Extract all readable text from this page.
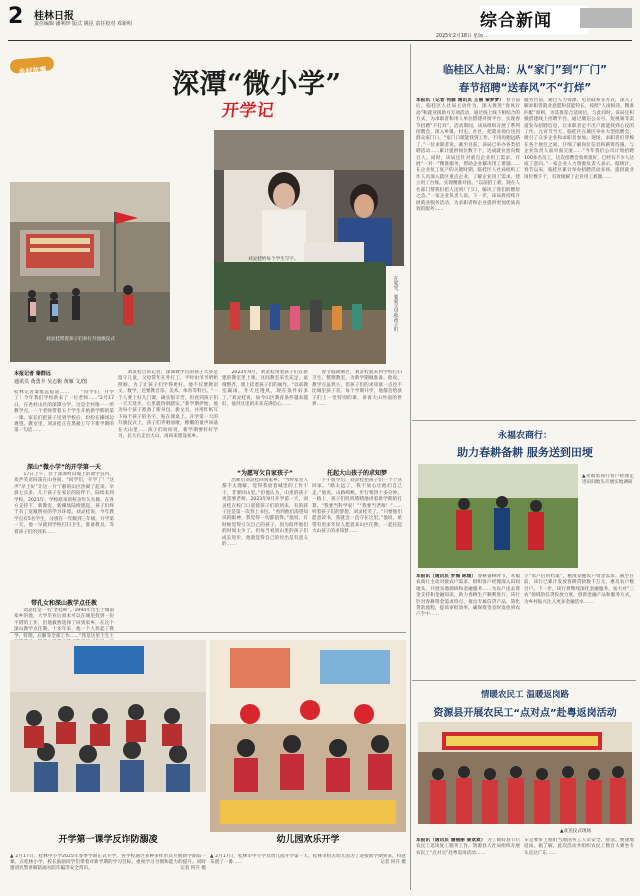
2 桂林日报
责任编辑 潘利珍 版式 姚昆 责任校对 邓新明
2025年2月18日 星期二
综合新闻
乡村故事	深潭“微小学”
开学记
刘灵桂带着孩子们举行升国旗仪式
刘灵桂给每个学生写字。
在家里，要爱父母和孩子们
本报记者 秦群远
通讯员 黄勇升 吴志彬 黄雁 文/图
桂林记者秦群远报道…… 　　“同学们，开学了！今年我们学校新来了一位老师……”2月17日，在尧村山区的深潭小学，这是全村唯一一所教学点，一个老师带着五个学生开始新学期的第一课。家长们把孩子送到学校后，纷纷在操场边观望。教室里，刘灵桂正在黑板上写下新学期的第一句话……
深山“微小学”的开学第一天
　　17日上午，位于深潭村山坡上的教学点内，欢声笑语回荡在山谷间。“同学们，开学了！”这声“早上好”让这一片宁静的山区热闹了起来。早晨七点多，几个孩子在家长的陪伴下，陆续来到学校。2021年，学校原来的校舍年久失修，在各方支持下，新教室、新操场陆续建起，孩子们终于有了宽敞明亮的学习环境。刘灵桂说，今年教学点有5名学生，分别在一年级到三年级。开学第一天，他一早就到学校打扫卫生，准备教具，等着孩子们的到来……
带孔女和深山教学点任教
　　刘灵桂是一名“老桂师”。1994年出生于漓南家乡的他，大学毕业后原本可以在城里找到一份不错的工作，但他毅然选择了回到家乡，在这个深山教学点任教。十多年来，他一个人担起了教学、管理、后勤等全部工作……“我是这里土生土
　　刘灵桂告诉记者，深潭教学点的孩子大多是留守儿童，父母常年在外打工，平时由爷爷奶奶照顾。为了让孩子们学得更好，他不仅要教语文、数学，还要教音乐、美术、体育等科目。“一个人要上好几门课，确实很辛苦，但看到孩子们一天天进步，心里就特别踏实。”新学期伊始，他为每个孩子准备了新书包、新文具，并用红纸写下每个孩子的名字，贴在课桌上。开学第一天的升旗仪式上，孩子们齐唱国歌，稚嫩的童声回荡在大山里……孩子们纷纷说，新学期要好好学习，长大后走出大山，再回来建设家乡。
　　2023年9月，刘灵桂带着孩子们在新建的教室里上课。这间教室采光充足，桌椅整齐，墙上挂着孩子们的画作。“以前教室漏雨，冬天还透风，现在条件好多了。”刘灵桂说，如今山区教育条件越来越好，他对这里的未来充满信心……
“为愿写欠自家孩子”
　　出师后刘灵桂回到家乡。“当时家里人都不太理解，觉得我放着城里的工作不干，非要回山里。”但他认为，山里的孩子更需要老师。2023年9月开学第一天，刘灵桂在校门口迎接孩子们的到来，有的孩子还是第一次背上书包。“看到他们渴望知识的眼神，我觉得一切都值得。”他说，有时候觉得亏欠自己的孩子，因为陪伴他们的时间太少了。但每当看到山里的孩子们成长进步，他就觉得自己的付出是有意义的……
　　春节假期刚过，刘灵桂就来到学校打扫卫生、整理教室，为新学期做准备。他说，教学点虽然小，但孩子们的求知欲一点也不比城里孩子差。每个学期开学，他都会给孩子们上一堂特别的课，讲讲大山外面的世界……
托起大山孩子的求知梦
　　下午放学后，刘灵桂把孩子们一个个送回家。“路太远了，我不放心让他们自己走。”他说。山路崎岖，步行要四十多分钟。一路上，孩子们叽叽喳喳地讲着新学期的打算。“我要当科学家！”“我要当老师！”……听着孩子们的梦想，刘灵桂笑了。“只要他们愿意读书，我就会一直守在这里。”他说，希望有更多年轻人愿意来山区任教，一起托起大山孩子的求知梦……
开学第一课学反诈防溺凌
▲ 2月17日，桂林中小学2025年春季学期正式开学。各学校通过多种多样形式开展新学期第一课。在桂林小学，校长鼓励同学们带着对新学期的学习目标，重视学习习惯和能力的提升。同时邀请民警讲解防溺水防诈骗等安全常识。	记者 何升 摄
幼儿园欢乐开学
▲ 2月17日，桂林市中小学及幼儿园开学第一天。桂林市机关幼儿园为了迎接新学期到来，特意布置了一番……	记者 何升 摄
临桂区人社局：从“家门”到“厂门”
春节招聘“送春风”不“打烊”
本报讯（记者 何源 通讯员 王丽 秦梦梦） 春节前后，临桂区人社局主动作为，深入推进“春风行动”和就业援助月专项活动，通过线上线下相结合的方式，为求职者和用人单位搭建对接平台，实现春节招聘“不打烊”。活动期间，该局组织开展了系列招聘会，深入乡镇、村屯、社区，把就业岗位送到群众家门口。“家门口就能找到工作，不用再跑远路了。”一位求职者说。截至目前，该局已举办各类招聘活动……累计提供岗位数千个，达成就业意向数百人。同时，该局还针对重点企业用工需求，开展“一对一”精准服务，帮助企业解决用工难题……在企业复工复产的关键时期，临桂区人社局组织工作人员深入辖区重点企业，了解企业用工需求，建立用工台账，实现精准对接。“以前招工难，现在人社部门帮我们把人送到厂门口，解决了我们的燃眉之急。”一家企业负责人说。下一步，该局将持续开展就业服务活动，为求职者和企业提供更加优质高效的服务……
服务台前，通过人力资源、电话联系等方式，深入了解求职者就业意愿和技能特长，按照“人岗相适、精准匹配”原则，为其推荐合适岗位。与此同时，该局还积极搭建线上招聘平台，通过微信公众号、短视频等渠道发布招聘信息，让求职者足不出户就能找到心仪的工作。元宵节当天，临桂区在城区举办大型招聘会，吸引了众多企业和求职者参加。现场，求职者们穿梭在各个展位之间，仔细了解岗位信息和薪资待遇，与企业负责人面对面交流……“今年我们公司计划招聘100多名员工，这次招聘会效果很好，已经有不少人达成了意向。”一家企业人力资源负责人表示。据统计，春节以来，临桂区累计举办招聘活动多场，提供就业岗位数千个，有效缓解了企业用工难题……
永福农商行：
助力春耕备耕 服务送到田埂
▲永福农商行客户经理走进田间地头开展实地调研
本报讯（通讯员 罗海 陈城） 春耕备耕时节，永福农商行主动对接农户需求，组织客户经理深入田间地头，开展实地调研和金融服务……为农户送去资金支持和金融知识，助力春耕生产顺利进行。该行针对春耕资金需求特点，推出专属信贷产品，简化贷款流程，提高审批效率，确保资金及时发放到农户手中……
立“农户信用档案”，精准掌握农户资金需求。截至目前，该行已累计发放春耕贷款数千万元，惠及农户数百户。下一步，该行将继续深化金融服务，加大对“三农”领域的信贷投放力度，创新金融产品和服务方式，为乡村振兴注入更多金融活水……
情暖农民工 温暖返岗路
资源县开展农民工“点对点”赴粤返岗活动
▲欢送仪式现场
本报讯（通讯员 潘丽丽 秦欢欢） 为了做好春节后农民工返岗复工服务工作，资源县人社局组织开展农民工“点对点”赴粤返岗活动……
车是要带上他们当地国务工人员安全、舒适、便捷地返岗。据了解，此次活动共组织农民工数百人乘坐专车直达广东……
